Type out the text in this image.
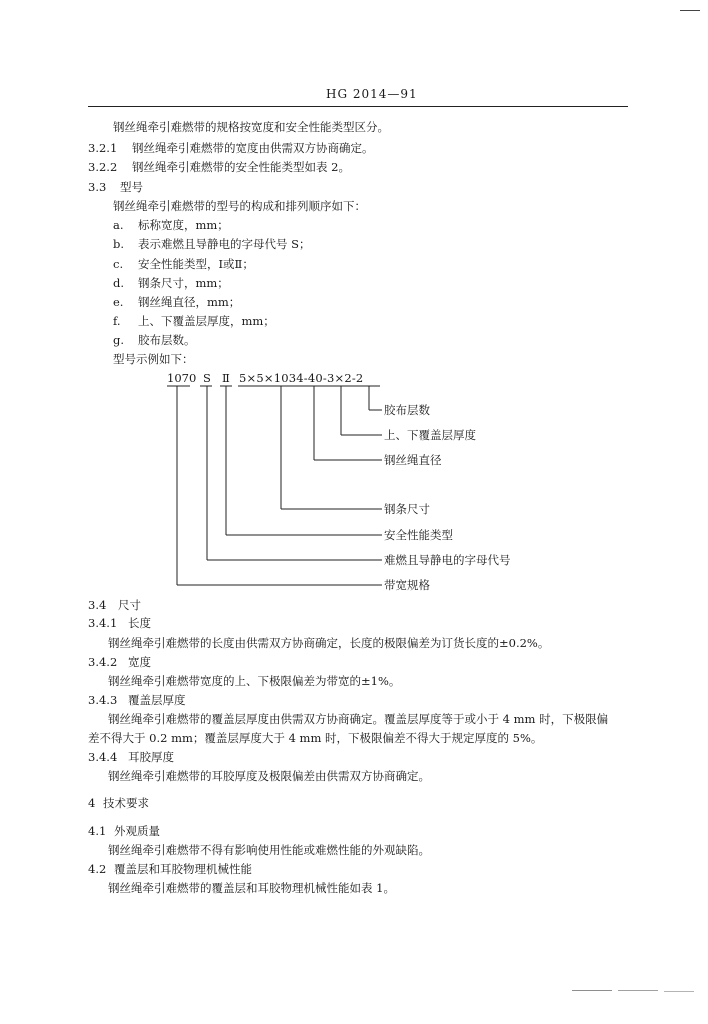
HG 2014—91
钢丝绳牵引难燃带的规格按宽度和安全性能类型区分。
3.2.1 钢丝绳牵引难燃带的宽度由供需双方协商确定。
3.2.2 钢丝绳牵引难燃带的安全性能类型如表 2。
3.3 型号
钢丝绳牵引难燃带的型号的构成和排列顺序如下：
a. 标称宽度，mm；
b. 表示难燃且导静电的字母代号 S；
c. 安全性能类型，Ⅰ或Ⅱ；
d. 钢条尺寸，mm；
e. 钢丝绳直径，mm；
f. 上、下覆盖层厚度，mm；
g. 胶布层数。
型号示例如下：
1070 S Ⅱ 5×5×1034-40-3×2-2
胶布层数
上、下覆盖层厚度
钢丝绳直径
钢条尺寸
安全性能类型
难燃且导静电的字母代号
带宽规格
3.4 尺寸
3.4.1 长度
钢丝绳牵引难燃带的长度由供需双方协商确定，长度的极限偏差为订货长度的±0.2%。
3.4.2 宽度
钢丝绳牵引难燃带宽度的上、下极限偏差为带宽的±1%。
3.4.3 覆盖层厚度
钢丝绳牵引难燃带的覆盖层厚度由供需双方协商确定。覆盖层厚度等于或小于 4 mm 时，下极限偏
差不得大于 0.2 mm；覆盖层厚度大于 4 mm 时，下极限偏差不得大于规定厚度的 5%。
3.4.4 耳胶厚度
钢丝绳牵引难燃带的耳胶厚度及极限偏差由供需双方协商确定。
4 技术要求
4.1 外观质量
钢丝绳牵引难燃带不得有影响使用性能或难燃性能的外观缺陷。
4.2 覆盖层和耳胶物理机械性能
钢丝绳牵引难燃带的覆盖层和耳胶物理机械性能如表 1。
